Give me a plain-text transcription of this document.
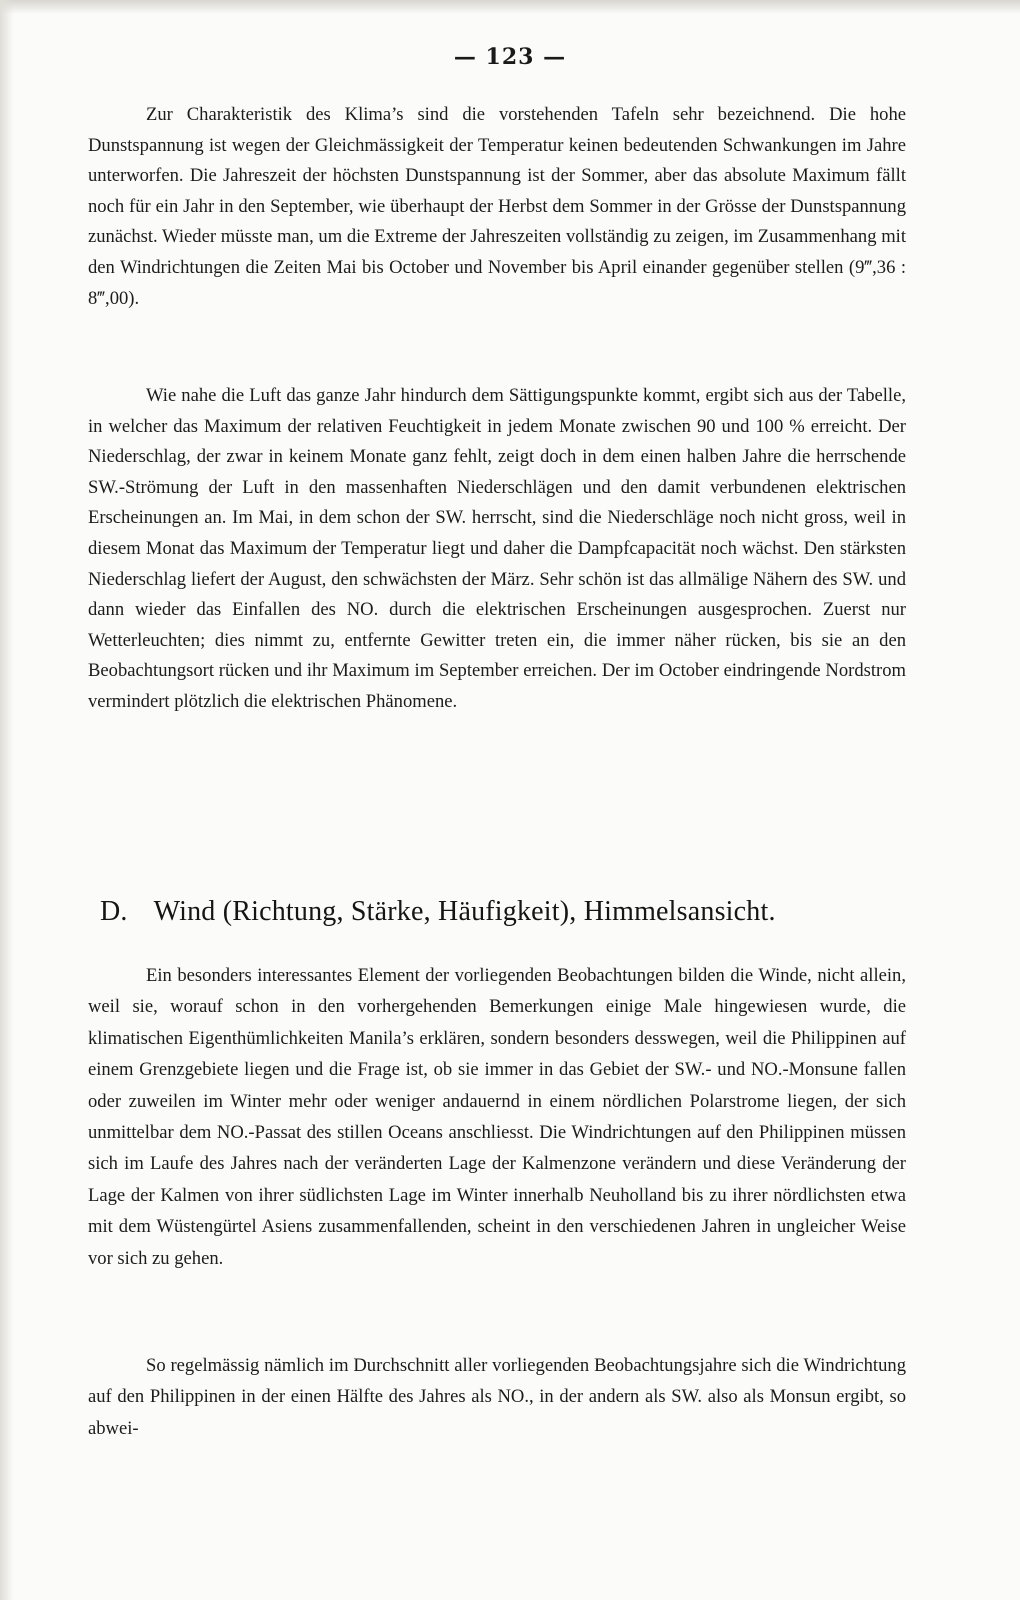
— 123 —

Zur Charakteristik des Klima’s sind die vorstehenden Tafeln sehr bezeichnend. Die hohe Dunstspannung ist wegen der Gleichmässigkeit der Temperatur keinen bedeutenden Schwankungen im Jahre unterworfen. Die Jahreszeit der höchsten Dunstspannung ist der Sommer, aber das absolute Maximum fällt noch für ein Jahr in den September, wie überhaupt der Herbst dem Sommer in der Grösse der Dunstspannung zunächst. Wieder müsste man, um die Extreme der Jahreszeiten vollständig zu zeigen, im Zusammenhang mit den Windrichtungen die Zeiten Mai bis October und November bis April einander gegenüber stellen (9‴,36 : 8‴,00).

Wie nahe die Luft das ganze Jahr hindurch dem Sättigungspunkte kommt, ergibt sich aus der Tabelle, in welcher das Maximum der relativen Feuchtigkeit in jedem Monate zwischen 90 und 100 % erreicht. Der Niederschlag, der zwar in keinem Monate ganz fehlt, zeigt doch in dem einen halben Jahre die herrschende SW.-Strömung der Luft in den massenhaften Niederschlägen und den damit verbundenen elektrischen Erscheinungen an. Im Mai, in dem schon der SW. herrscht, sind die Niederschläge noch nicht gross, weil in diesem Monat das Maximum der Temperatur liegt und daher die Dampfcapacität noch wächst. Den stärksten Niederschlag liefert der August, den schwächsten der März. Sehr schön ist das allmälige Nähern des SW. und dann wieder das Einfallen des NO. durch die elektrischen Erscheinungen ausgesprochen. Zuerst nur Wetterleuchten; dies nimmt zu, entfernte Gewitter treten ein, die immer näher rücken, bis sie an den Beobachtungsort rücken und ihr Maximum im September erreichen. Der im October eindringende Nordstrom vermindert plötzlich die elektrischen Phänomene.

D. Wind (Richtung, Stärke, Häufigkeit), Himmelsansicht.

Ein besonders interessantes Element der vorliegenden Beobachtungen bilden die Winde, nicht allein, weil sie, worauf schon in den vorhergehenden Bemerkungen einige Male hingewiesen wurde, die klimatischen Eigenthümlichkeiten Manila’s erklären, sondern besonders desswegen, weil die Philippinen auf einem Grenzgebiete liegen und die Frage ist, ob sie immer in das Gebiet der SW.- und NO.-Monsune fallen oder zuweilen im Winter mehr oder weniger andauernd in einem nördlichen Polarstrome liegen, der sich unmittelbar dem NO.-Passat des stillen Oceans anschliesst. Die Windrichtungen auf den Philippinen müssen sich im Laufe des Jahres nach der veränderten Lage der Kalmenzone verändern und diese Veränderung der Lage der Kalmen von ihrer südlichsten Lage im Winter innerhalb Neuholland bis zu ihrer nördlichsten etwa mit dem Wüstengürtel Asiens zusammenfallenden, scheint in den verschiedenen Jahren in ungleicher Weise vor sich zu gehen.

So regelmässig nämlich im Durchschnitt aller vorliegenden Beobachtungsjahre sich die Windrichtung auf den Philippinen in der einen Hälfte des Jahres als NO., in der andern als SW. also als Monsun ergibt, so abwei-
